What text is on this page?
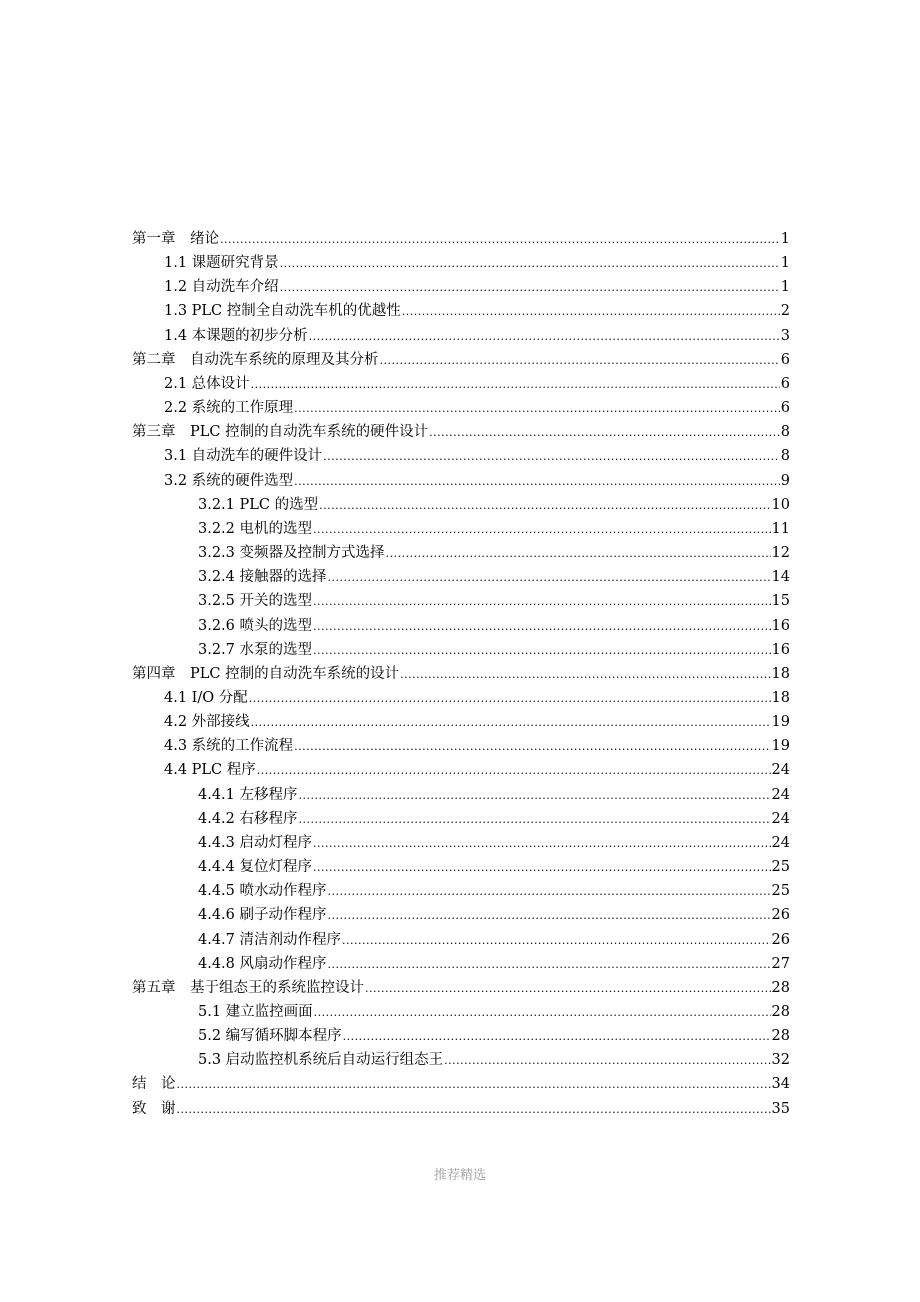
第一章　绪论 .....	1
1.1 课题研究背景 .....	1
1.2 自动洗车介绍 .....	1
1.3 PLC 控制全自动洗车机的优越性 .....	2
1.4 本课题的初步分析 .....	3
第二章　自动洗车系统的原理及其分析 .....	6
2.1 总体设计 .....	6
2.2 系统的工作原理 .....	6
第三章　PLC 控制的自动洗车系统的硬件设计 .....	8
3.1 自动洗车的硬件设计 .....	8
3.2 系统的硬件选型 .....	9
3.2.1 PLC 的选型 .....	10
3.2.2 电机的选型 .....	11
3.2.3 变频器及控制方式选择 .....	12
3.2.4 接触器的选择 .....	14
3.2.5 开关的选型 .....	15
3.2.6 喷头的选型 .....	16
3.2.7 水泵的选型 .....	16
第四章　PLC 控制的自动洗车系统的设计 .....	18
4.1 I/O 分配 .....	18
4.2 外部接线 .....	19
4.3 系统的工作流程 .....	19
4.4 PLC 程序 .....	24
4.4.1 左移程序 .....	24
4.4.2 右移程序 .....	24
4.4.3 启动灯程序 .....	24
4.4.4 复位灯程序 .....	25
4.4.5 喷水动作程序 .....	25
4.4.6 刷子动作程序 .....	26
4.4.7 清洁剂动作程序 .....	26
4.4.8 风扇动作程序 .....	27
第五章　基于组态王的系统监控设计 .....	28
5.1 建立监控画面 .....	28
5.2 编写循环脚本程序 .....	28
5.3 启动监控机系统后自动运行组态王 .....	32
结　论 .....	34
致　谢 .....	35
推荐精选
